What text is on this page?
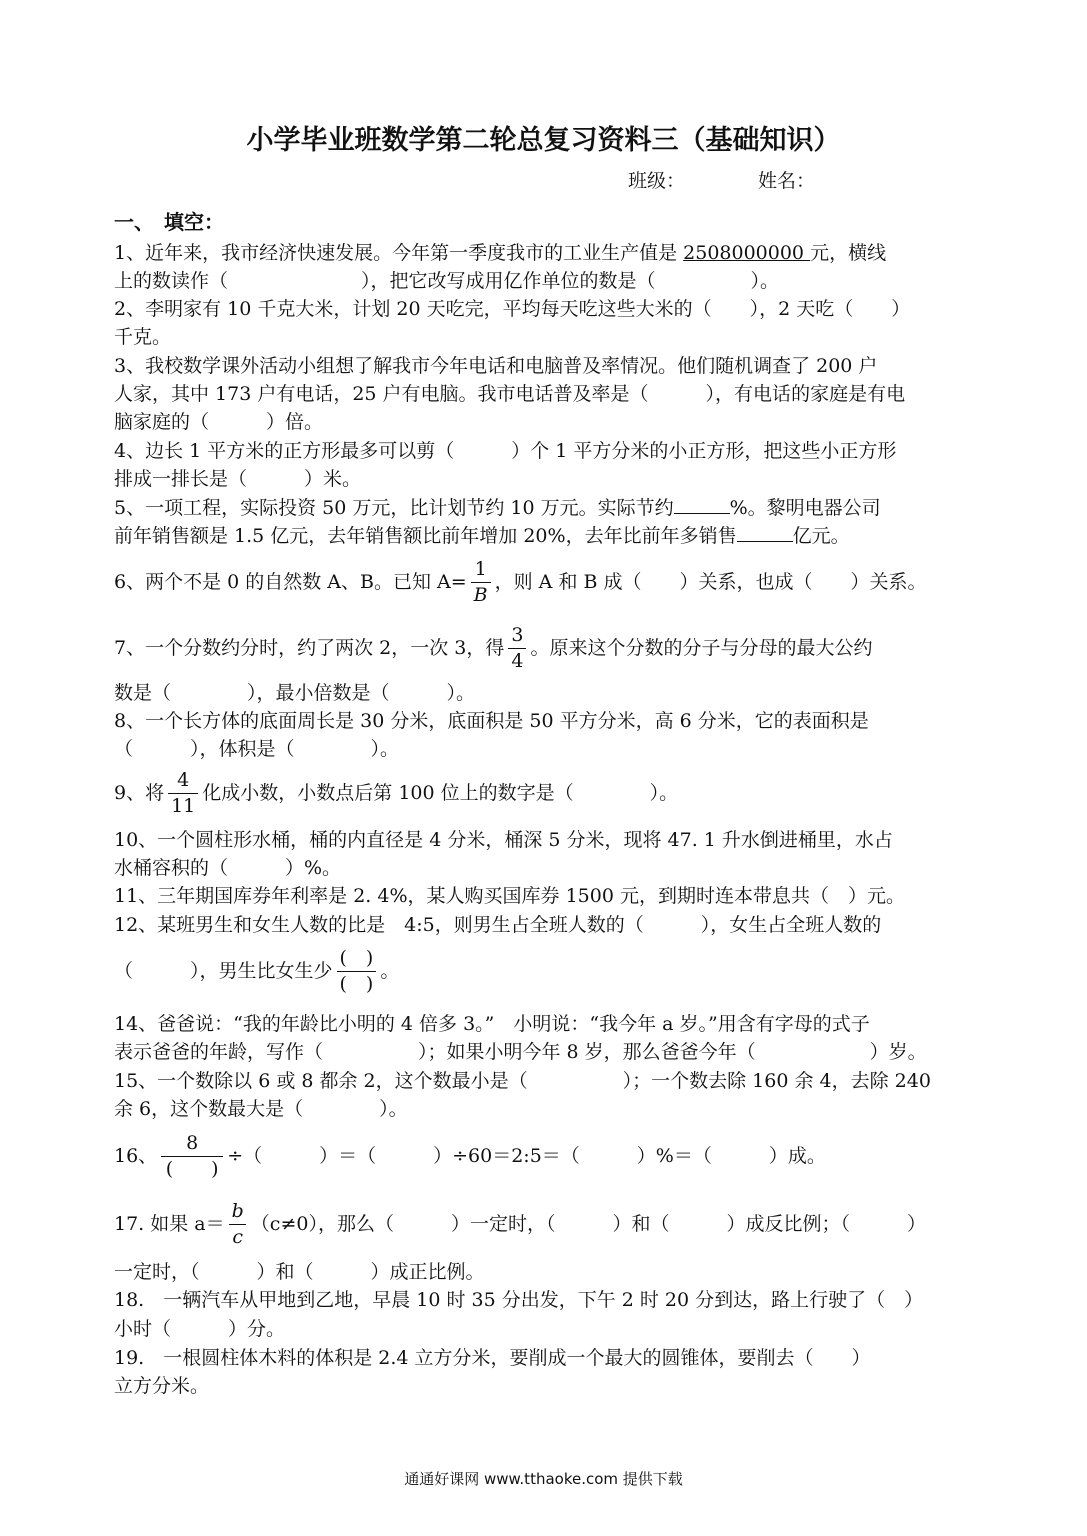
小学毕业班数学第二轮总复习资料三（基础知识）
班级：	姓名：
一、　填空：
1、近年来，我市经济快速发展。今年第一季度我市的工业生产值是 2508000000 元，横线
上的数读作（　　　　　　　），把它改写成用亿作单位的数是（　　　　　）。
2、李明家有 10 千克大米，计划 20 天吃完，平均每天吃这些大米的（　　），2 天吃（　　）
千克。
3、我校数学课外活动小组想了解我市今年电话和电脑普及率情况。他们随机调查了 200 户
人家，其中 173 户有电话，25 户有电脑。我市电话普及率是（　　　），有电话的家庭是有电
脑家庭的（　　　）倍。
4、边长 1 平方米的正方形最多可以剪（　　　）个 1 平方分米的小正方形，把这些小正方形
排成一排长是（　　　）米。
5、一项工程，实际投资 50 万元，比计划节约 10 万元。实际节约	%。黎明电器公司
前年销售额是 1.5 亿元，去年销售额比前年增加 20%，去年比前年多销售	亿元。
6、两个不是 0 的自然数 A、B。已知 $A= \frac{1}{B}$ ，则 A 和 B 成（　　）关系，也成（　　）关系。
7、一个分数约分时，约了两次 2，一次 3，得 $\frac{3}{4}$ 。原来这个分数的分子与分母的最大公约
数是（　　　　），最小倍数是（　　　）。
8、一个长方体的底面周长是 30 分米，底面积是 50 平方分米，高 6 分米，它的表面积是
（　　　），体积是（　　　　）。
9、将 $\frac{4}{11}$ 化成小数，小数点后第 100 位上的数字是（　　　　）。
10、一个圆柱形水桶，桶的内直径是 4 分米，桶深 5 分米，现将 47. 1 升水倒进桶里，水占
水桶容积的（　　　）%。
11、三年期国库券年利率是 2. 4%，某人购买国库券 1500 元，到期时连本带息共（　）元。
12、某班男生和女生人数的比是　4:5，则男生占全班人数的（　　　），女生占全班人数的
（　　　），男生比女生少 $\frac{( )}{( )}$ 。
14、爸爸说：“我的年龄比小明的 4 倍多 3。”　小明说：“我今年 a 岁。”用含有字母的式子
表示爸爸的年龄，写作（　　　　　）；如果小明今年 8 岁，那么爸爸今年（　　　　　　）岁。
15、一个数除以 6 或 8 都余 2，这个数最小是（　　　　　）；一个数去除 160 余 4，去除 240
余 6，这个数最大是（　　　　）。
16、 $\frac{8}{( )}$ ÷（　　　）＝（　　　）÷60＝2:5＝（　　　）%＝（　　　）成。
17. 如果 $a= \frac{b}{c} (c\ne 0)$，那么（　　　）一定时，（　　　）和（　　　）成反比例；（　　　）
一定时，（　　　）和（　　　）成正比例。
18.　一辆汽车从甲地到乙地，早晨 10 时 35 分出发，下午 2 时 20 分到达，路上行驶了（　）
小时（　　　）分。
19.　一根圆柱体木料的体积是 2.4 立方分米，要削成一个最大的圆锥体，要削去（　　）
立方分米。
通通好课网 www.tthaoke.com 提供下载
